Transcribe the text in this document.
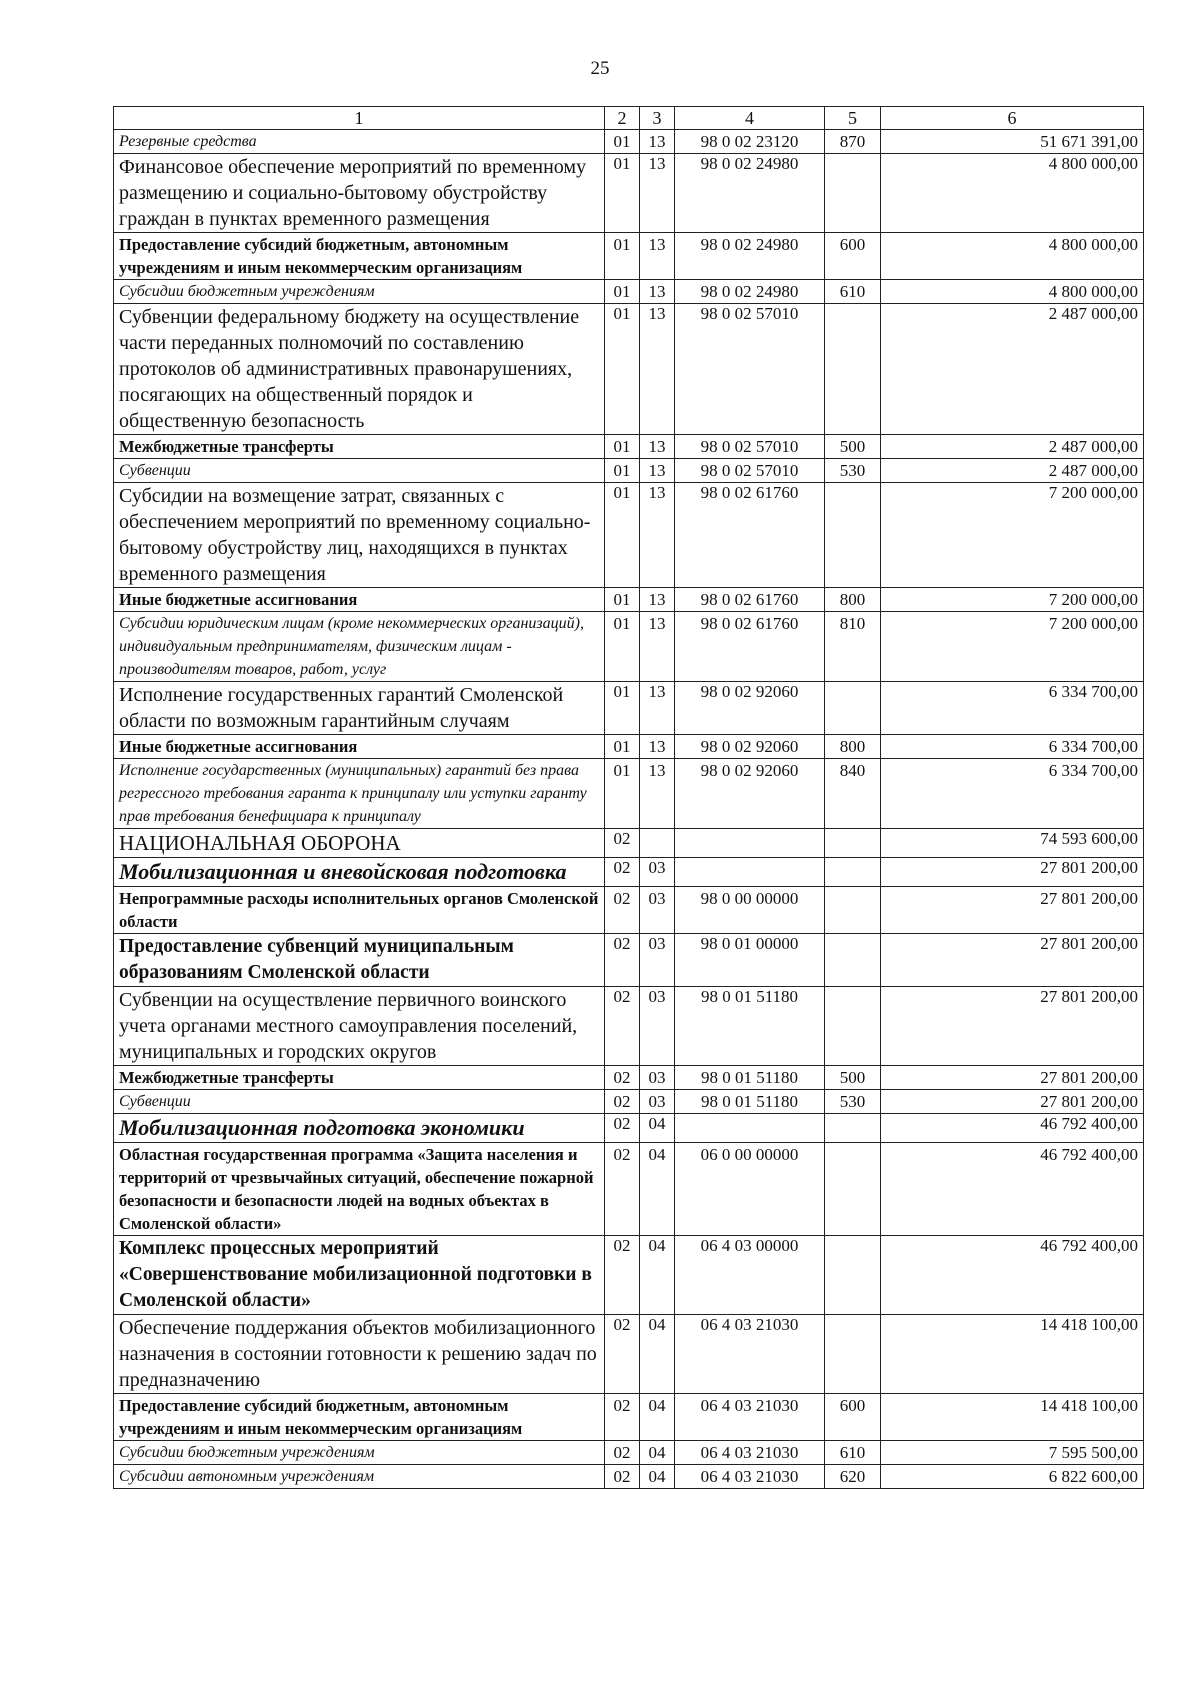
25
1	2	3	4	5	6
Резервные средства	01	13	98 0 02 23120	870	51 671 391,00
Финансовое обеспечение мероприятий по временному размещению и социально-бытовому обустройству граждан в пунктах временного размещения	01	13	98 0 02 24980		4 800 000,00
Предоставление субсидий бюджетным, автономным учреждениям и иным некоммерческим организациям	01	13	98 0 02 24980	600	4 800 000,00
Субсидии бюджетным учреждениям	01	13	98 0 02 24980	610	4 800 000,00
Субвенции федеральному бюджету на осуществление части переданных полномочий по составлению протоколов об административных правонарушениях, посягающих на общественный порядок и общественную безопасность	01	13	98 0 02 57010		2 487 000,00
Межбюджетные трансферты	01	13	98 0 02 57010	500	2 487 000,00
Субвенции	01	13	98 0 02 57010	530	2 487 000,00
Субсидии на возмещение затрат, связанных с обеспечением мероприятий по временному социально-бытовому обустройству лиц, находящихся в пунктах временного размещения	01	13	98 0 02 61760		7 200 000,00
Иные бюджетные ассигнования	01	13	98 0 02 61760	800	7 200 000,00
Субсидии юридическим лицам (кроме некоммерческих организаций), индивидуальным предпринимателям, физическим лицам - производителям товаров, работ, услуг	01	13	98 0 02 61760	810	7 200 000,00
Исполнение государственных гарантий Смоленской области по возможным гарантийным случаям	01	13	98 0 02 92060		6 334 700,00
Иные бюджетные ассигнования	01	13	98 0 02 92060	800	6 334 700,00
Исполнение государственных (муниципальных) гарантий без права регрессного требования гаранта к принципалу или уступки гаранту прав требования бенефициара к принципалу	01	13	98 0 02 92060	840	6 334 700,00
НАЦИОНАЛЬНАЯ ОБОРОНА	02				74 593 600,00
Мобилизационная и вневойсковая подготовка	02	03			27 801 200,00
Непрограммные расходы исполнительных органов Смоленской области	02	03	98 0 00 00000		27 801 200,00
Предоставление субвенций муниципальным образованиям Смоленской области	02	03	98 0 01 00000		27 801 200,00
Субвенции на осуществление первичного воинского учета органами местного самоуправления поселений, муниципальных и городских округов	02	03	98 0 01 51180		27 801 200,00
Межбюджетные трансферты	02	03	98 0 01 51180	500	27 801 200,00
Субвенции	02	03	98 0 01 51180	530	27 801 200,00
Мобилизационная подготовка экономики	02	04			46 792 400,00
Областная государственная программа «Защита населения и территорий от чрезвычайных ситуаций, обеспечение пожарной безопасности и безопасности людей на водных объектах в Смоленской области»	02	04	06 0 00 00000		46 792 400,00
Комплекс процессных мероприятий «Совершенствование мобилизационной подготовки в Смоленской области»	02	04	06 4 03 00000		46 792 400,00
Обеспечение поддержания объектов мобилизационного назначения в состоянии готовности к решению задач по предназначению	02	04	06 4 03 21030		14 418 100,00
Предоставление субсидий бюджетным, автономным учреждениям и иным некоммерческим организациям	02	04	06 4 03 21030	600	14 418 100,00
Субсидии бюджетным учреждениям	02	04	06 4 03 21030	610	7 595 500,00
Субсидии автономным учреждениям	02	04	06 4 03 21030	620	6 822 600,00
